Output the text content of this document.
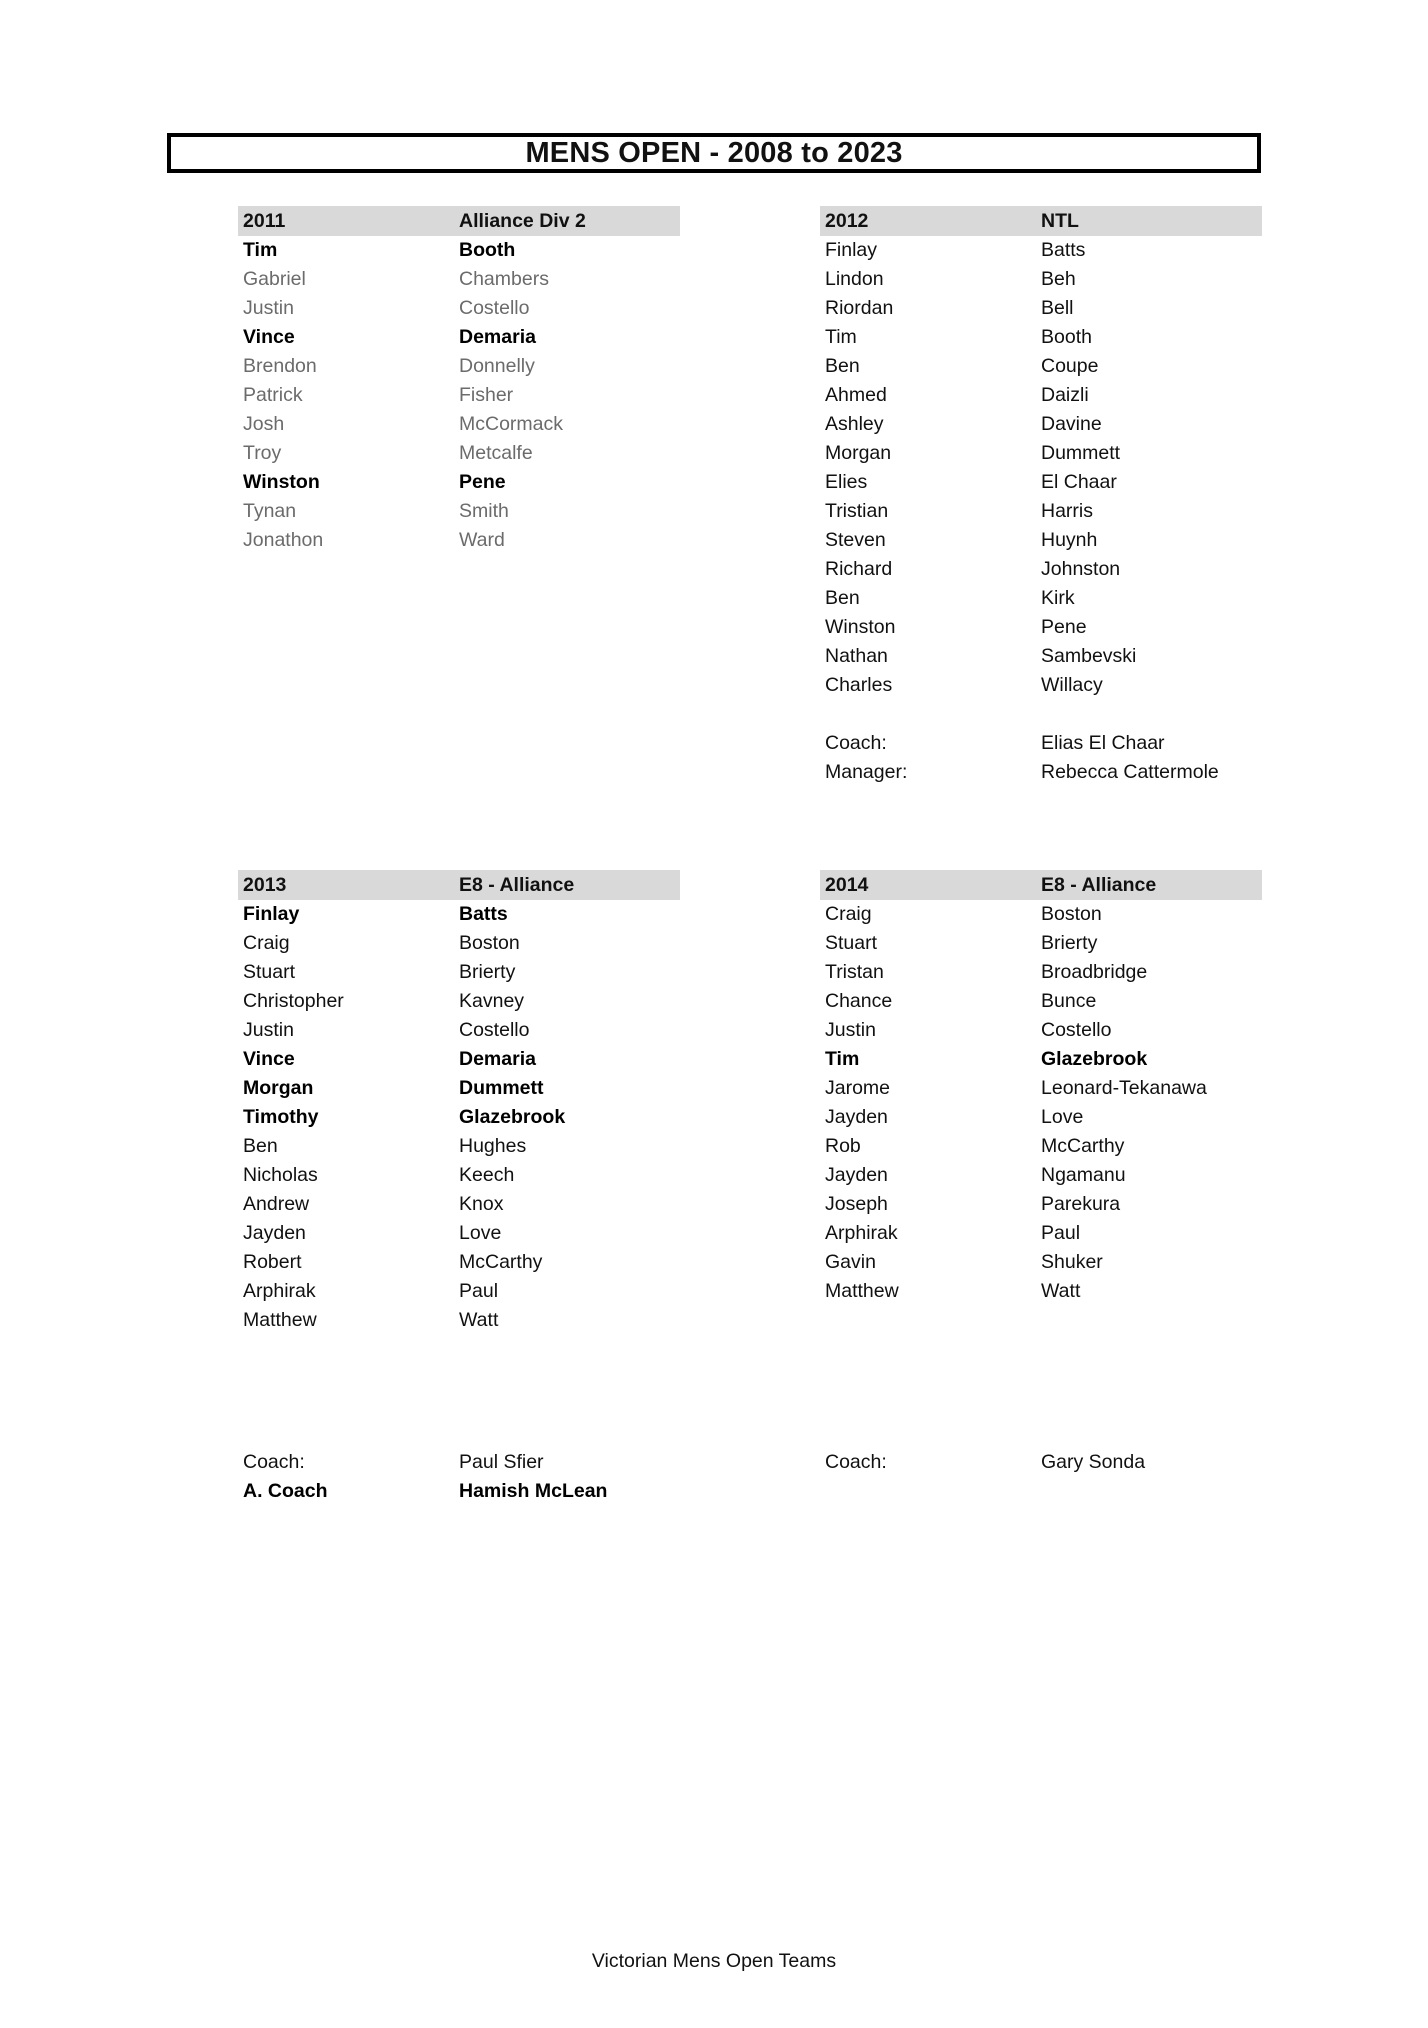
MENS OPEN - 2008 to 2023
2011	Alliance Div 2
Tim	Booth
Gabriel	Chambers
Justin	Costello
Vince	Demaria
Brendon	Donnelly
Patrick	Fisher
Josh	McCormack
Troy	Metcalfe
Winston	Pene
Tynan	Smith
Jonathon	Ward
2012	NTL
Finlay	Batts
Lindon	Beh
Riordan	Bell
Tim	Booth
Ben	Coupe
Ahmed	Daizli
Ashley	Davine
Morgan	Dummett
Elies	El Chaar
Tristian	Harris
Steven	Huynh
Richard	Johnston
Ben	Kirk
Winston	Pene
Nathan	Sambevski
Charles	Willacy
Coach:	Elias El Chaar
Manager:	Rebecca Cattermole
2013	E8 - Alliance
Finlay	Batts
Craig	Boston
Stuart	Brierty
Christopher	Kavney
Justin	Costello
Vince	Demaria
Morgan	Dummett
Timothy	Glazebrook
Ben	Hughes
Nicholas	Keech
Andrew	Knox
Jayden	Love
Robert	McCarthy
Arphirak	Paul
Matthew	Watt
Coach:	Paul Sfier
A. Coach	Hamish McLean
2014	E8 - Alliance
Craig	Boston
Stuart	Brierty
Tristan	Broadbridge
Chance	Bunce
Justin	Costello
Tim	Glazebrook
Jarome	Leonard-Tekanawa
Jayden	Love
Rob	McCarthy
Jayden	Ngamanu
Joseph	Parekura
Arphirak	Paul
Gavin	Shuker
Matthew	Watt
Coach:	Gary Sonda
Victorian Mens Open Teams
